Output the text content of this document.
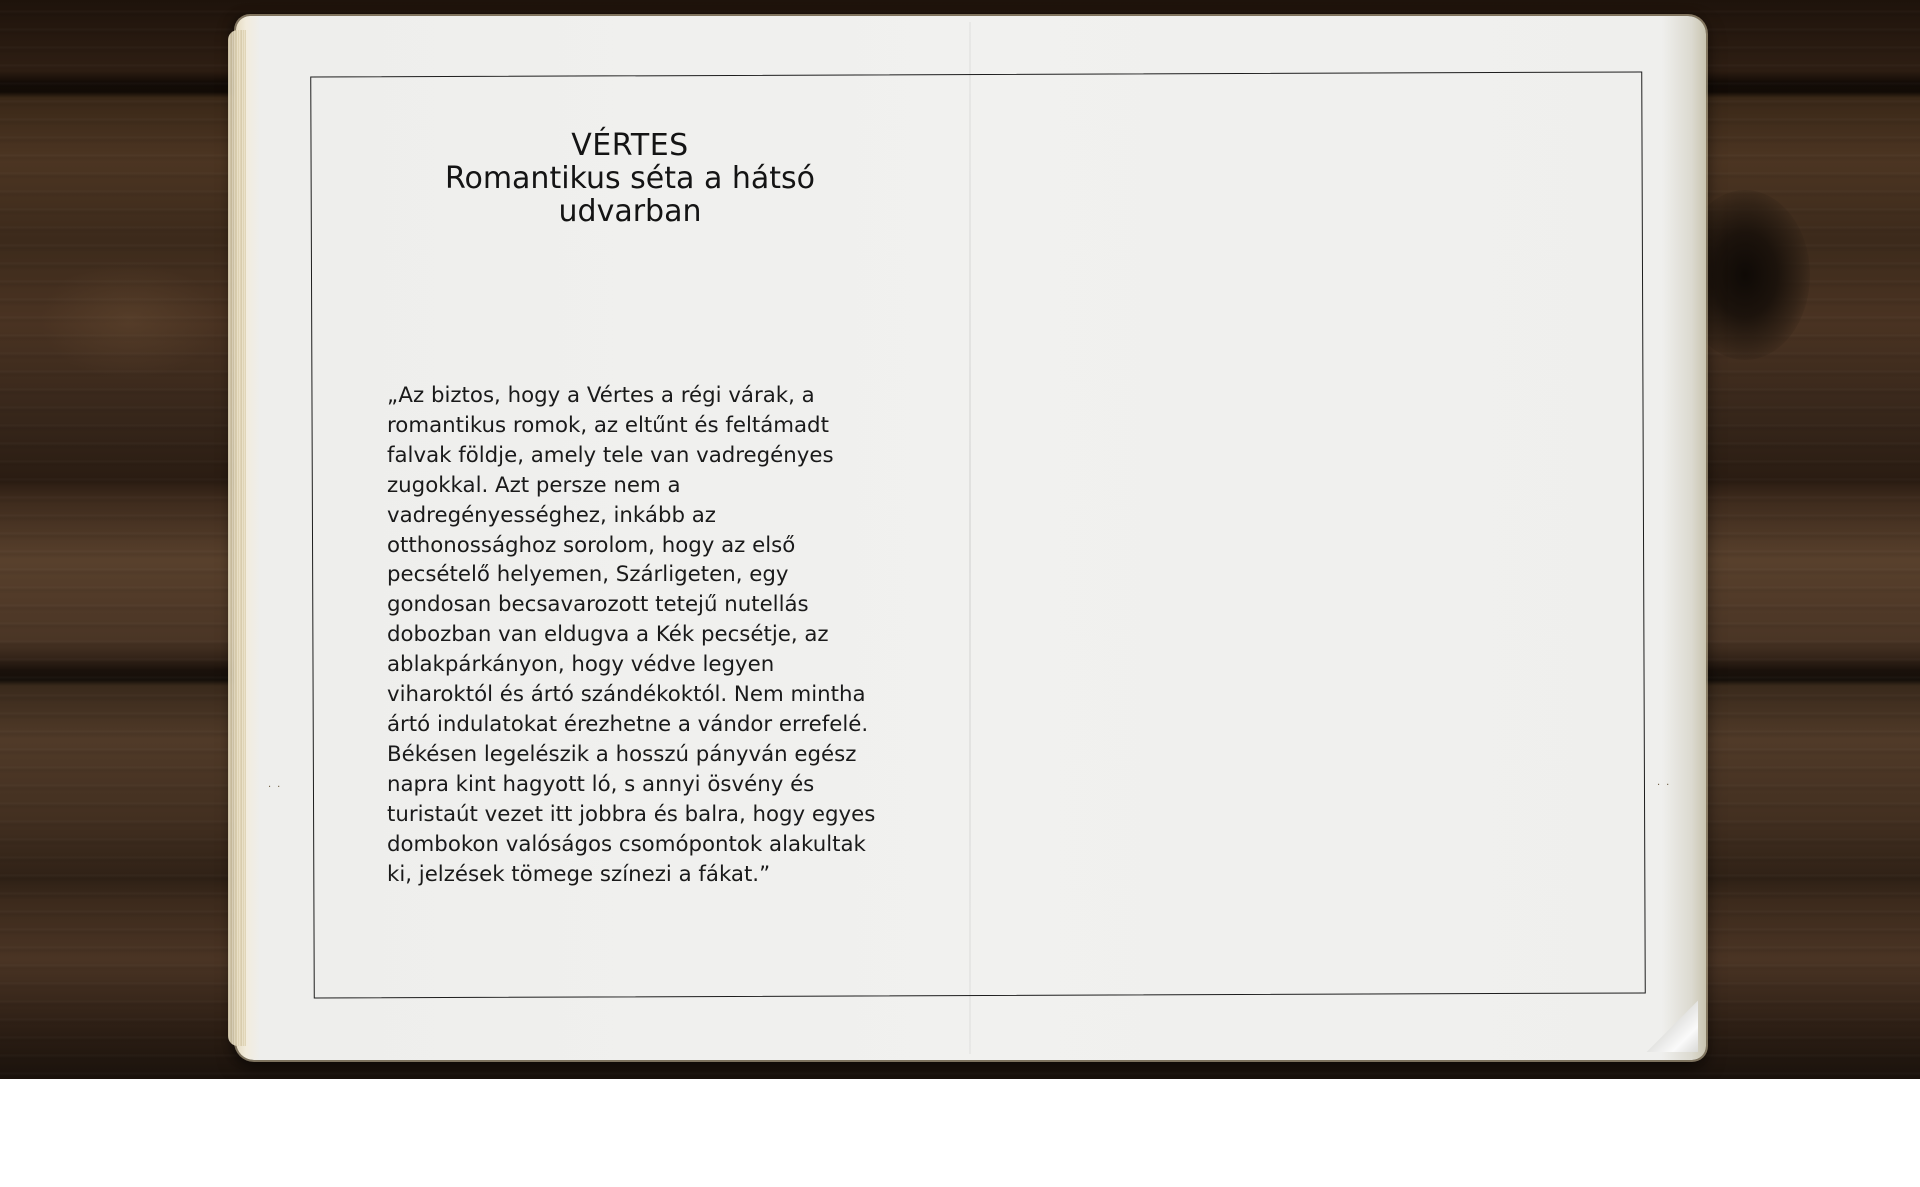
··	··
VÉRTES
Romantikus séta a hátsó udvarban

„Az biztos, hogy a Vértes a régi várak, a
romantikus romok, az eltűnt és feltámadt
falvak földje, amely tele van vadregényes
zugokkal. Azt persze nem a
vadregényességhez, inkább az
otthonossághoz sorolom, hogy az első
pecsételő helyemen, Szárligeten, egy
gondosan becsavarozott tetejű nutellás
dobozban van eldugva a Kék pecsétje, az
ablakpárkányon, hogy védve legyen
viharoktól és ártó szándékoktól. Nem mintha
ártó indulatokat érezhetne a vándor errefelé.
Békésen legelészik a hosszú pányván egész
napra kint hagyott ló, s annyi ösvény és
turistaút vezet itt jobbra és balra, hogy egyes
dombokon valóságos csomópontok alakultak
ki, jelzések tömege színezi a fákat.”
